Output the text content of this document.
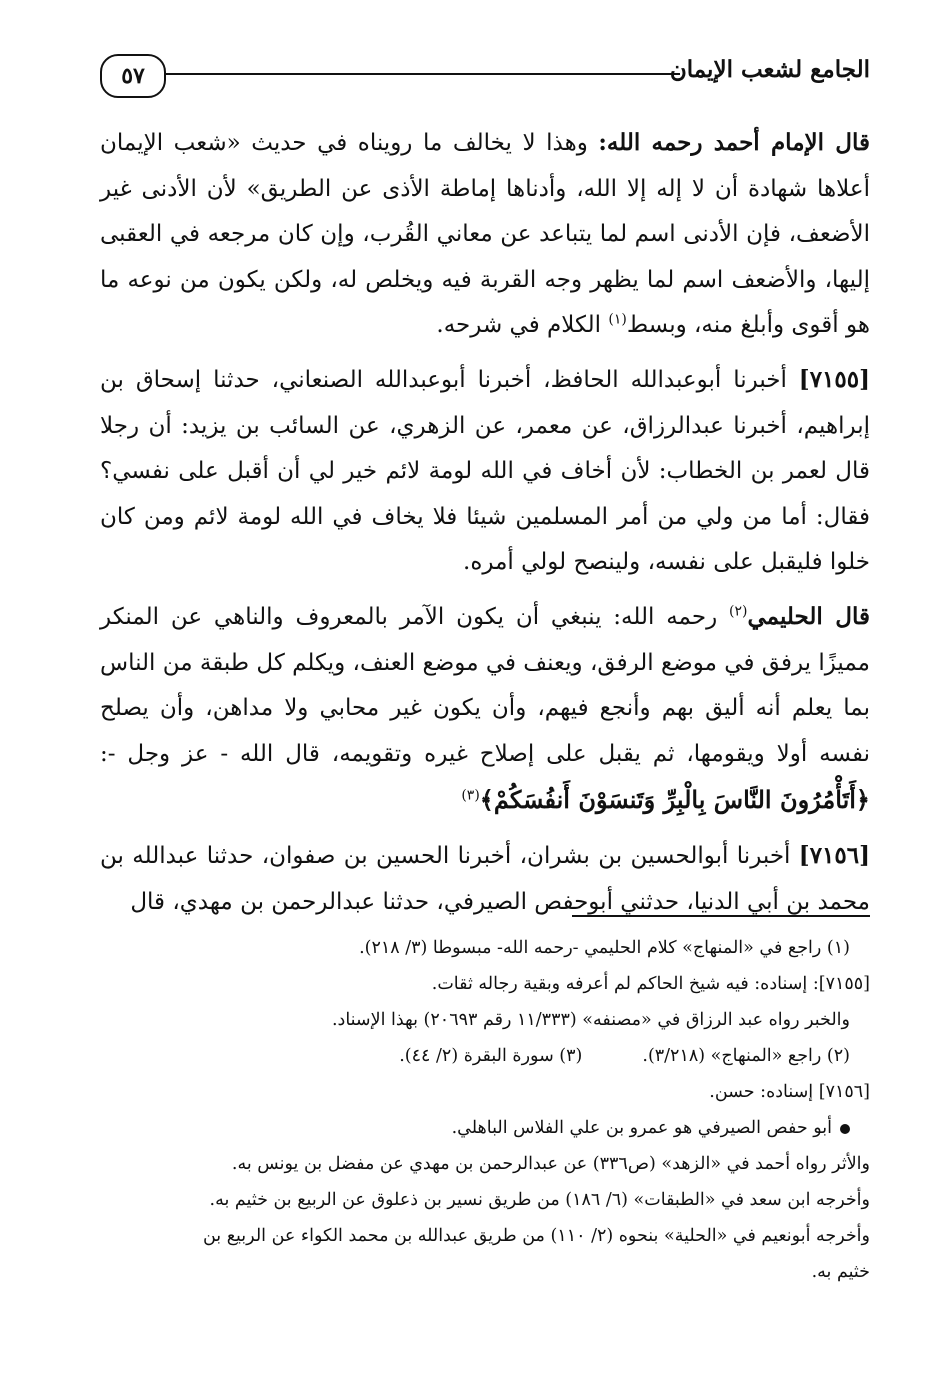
٥٧	الجامع لشعب الإيمان

قال الإمام أحمد رحمه الله: وهذا لا يخالف ما رويناه في حديث «شعب الإيمان أعلاها شهادة أن لا إله إلا الله، وأدناها إماطة الأذى عن الطريق» لأن الأدنى غير الأضعف، فإن الأدنى اسم لما يتباعد عن معاني القُرب، وإن كان مرجعه في العقبى إليها، والأضعف اسم لما يظهر وجه القربة فيه ويخلص له، ولكن يكون من نوعه ما هو أقوى وأبلغ منه، وبسط$^{(١)}$ الكلام في شرحه.

[٧١٥٥] أخبرنا أبوعبدالله الحافظ، أخبرنا أبوعبدالله الصنعاني، حدثنا إسحاق بن إبراهيم، أخبرنا عبدالرزاق، عن معمر، عن الزهري، عن السائب بن يزيد: أن رجلا قال لعمر بن الخطاب: لأن أخاف في الله لومة لائم خير لي أن أقبل على نفسي؟ فقال: أما من ولي من أمر المسلمين شيئا فلا يخاف في الله لومة لائم ومن كان خلوا فليقبل على نفسه، ولينصح لولي أمره.

قال الحليمي$^{(٢)}$ رحمه الله: ينبغي أن يكون الآمر بالمعروف والناهي عن المنكر مميزًا يرفق في موضع الرفق، ويعنف في موضع العنف، ويكلم كل طبقة من الناس بما يعلم أنه أليق بهم وأنجع فيهم، وأن يكون غير محابي ولا مداهن، وأن يصلح نفسه أولا ويقومها، ثم يقبل على إصلاح غيره وتقويمه، قال الله - عز وجل -: ﴿أَتَأْمُرُونَ النَّاسَ بِالْبِرِّ وَتَنسَوْنَ أَنفُسَكُمْ﴾$^{(٣)}$

[٧١٥٦] أخبرنا أبوالحسين بن بشران، أخبرنا الحسين بن صفوان، حدثنا عبدالله بن محمد بن أبي الدنيا، حدثني أبوحفص الصيرفي، حدثنا عبدالرحمن بن مهدي، قال

(١) راجع في «المنهاج» كلام الحليمي -رحمه الله- مبسوطا (٣/ ٢١٨).
[٧١٥٥]: إسناده: فيه شيخ الحاكم لم أعرفه وبقية رجاله ثقات.
والخبر رواه عبد الرزاق في «مصنفه» (١١/٣٣٣ رقم ٢٠٦٩٣) بهذا الإسناد.
(٢) راجع «المنهاج» (٣/٢١٨).
(٣) سورة البقرة (٢/ ٤٤).
[٧١٥٦] إسناده: حسن.
أبو حفص الصيرفي هو عمرو بن علي الفلاس الباهلي.
والأثر رواه أحمد في «الزهد» (ص٣٣٦) عن عبدالرحمن بن مهدي عن مفضل بن يونس به.
وأخرجه ابن سعد في «الطبقات» (٦/ ١٨٦) من طريق نسير بن ذعلوق عن الربيع بن خثيم به.
وأخرجه أبونعيم في «الحلية» بنحوه (٢/ ١١٠) من طريق عبدالله بن محمد الكواء عن الربيع بن
خثيم به.
